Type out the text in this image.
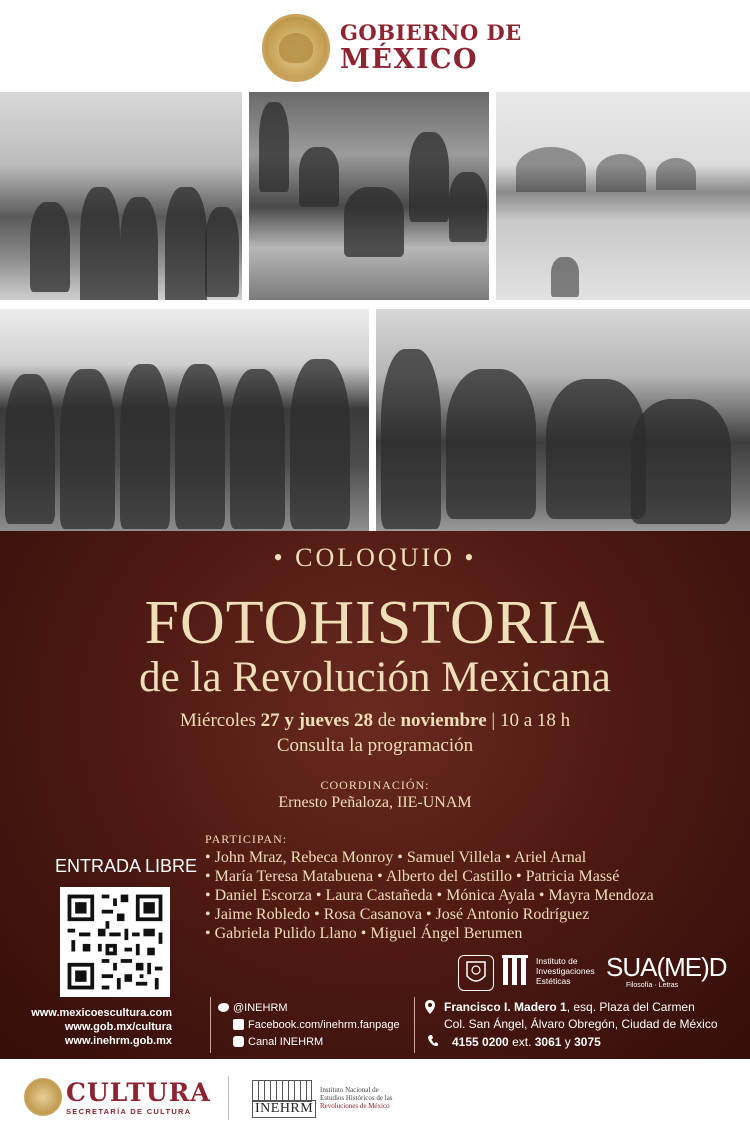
GOBIERNO DE
MÉXICO
• COLOQUIO •
FOTOHISTORIA
de la Revolución Mexicana
Miércoles 27 y jueves 28 de noviembre | 10 a 18 h
Consulta la programación
COORDINACIÓN:
Ernesto Peñaloza, IIE-UNAM
PARTICIPAN:
• John Mraz, Rebeca Monroy • Samuel Villela • Ariel Arnal
• María Teresa Matabuena • Alberto del Castillo • Patricia Massé
• Daniel Escorza • Laura Castañeda • Mónica Ayala • Mayra Mendoza
• Jaime Robledo • Rosa Casanova • José Antonio Rodríguez
• Gabriela Pulido Llano • Miguel Ángel Berumen
ENTRADA LIBRE
Instituto de
Investigaciones
Estéticas	SUA(ME)D
Filosofía · Letras
www.mexicoescultura.com
www.gob.mx/cultura
www.inehrm.gob.mx
@INEHRM
Facebook.com/inehrm.fanpage
Canal INEHRM
Francisco I. Madero 1, esq. Plaza del Carmen
Col. San Ángel, Álvaro Obregón, Ciudad de México
4155 0200 ext. 3061 y 3075
CULTURA
SECRETARÍA DE CULTURA	INEHRM
Instituto Nacional de
Estudios Históricos de las
Revoluciones de México
